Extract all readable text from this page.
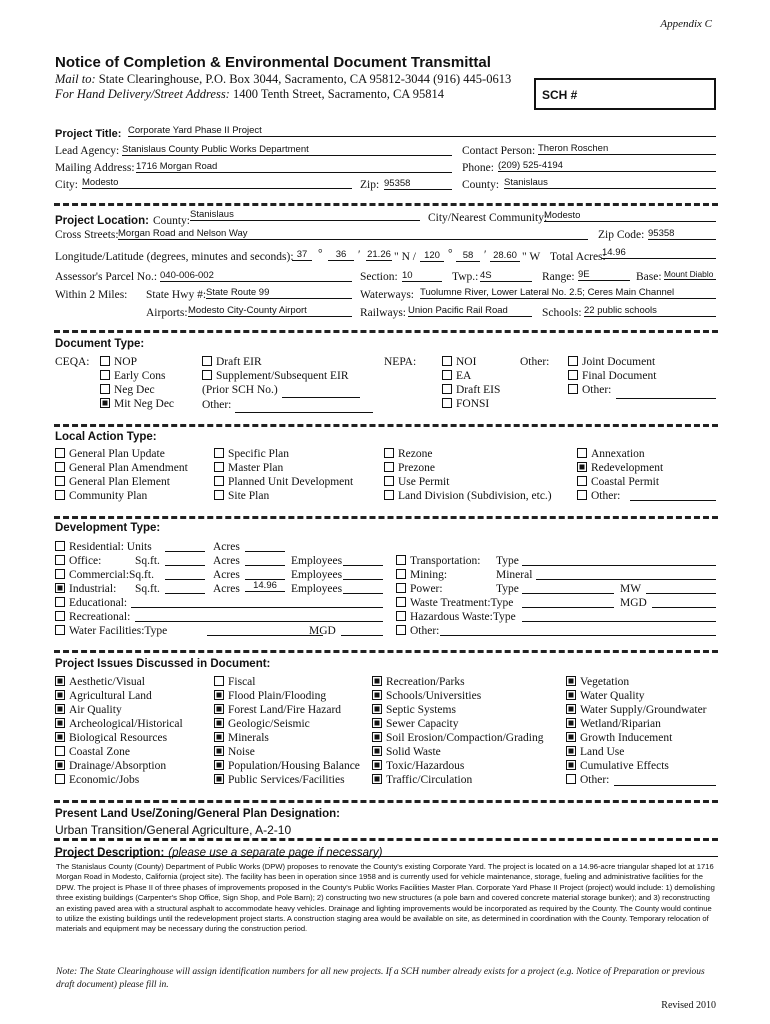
Appendix C
Notice of Completion & Environmental Document Transmittal
Mail to: State Clearinghouse, P.O. Box 3044, Sacramento, CA 95812-3044 (916) 445-0613
For Hand Delivery/Street Address: 1400 Tenth Street, Sacramento, CA 95814	SCH #
Project Title: Corporate Yard Phase II Project
Lead Agency: Stanislaus County Public Works Department	Contact Person: Theron Roschen
Mailing Address: 1716 Morgan Road	Phone: (209) 525-4194
City: Modesto	Zip: 95358	County: Stanislaus
Project Location: County:
Stanislaus	City/Nearest Community:
Modesto
Cross Streets: Morgan Road and Nelson Way	Zip Code: 95358
Longitude/Latitude (degrees, minutes and seconds): 37 °	36	′ 21.26 " N / 120 °	58 ′ 28.60 " W Total Acres:
14.96
Assessor's Parcel No.: 040-006-002	Section: 10	Twp.: 4S	Range: 9E	Base: Mount Diablo
Within 2 Miles: State Hwy #: State Route 99	Waterways: Tuolumne River, Lower Lateral No. 2.5; Ceres Main Channel
Airports: Modesto City-County Airport	Railways: Union Pacific Rail Road	Schools: 22 public schools
Document Type:
CEQA:	NOP
Early Cons
Neg Dec
Mit Neg Dec
Draft EIR
Supplement/Subsequent EIR
(Prior SCH No.)
Other:
NEPA:	NOI
EA
Draft EIS
FONSI
Other:	Joint Document
Final Document
Other:
Local Action Type:
General Plan Update
General Plan Amendment
General Plan Element
Community Plan
Specific Plan
Master Plan
Planned Unit Development
Site Plan
Rezone
Prezone
Use Permit
Land Division (Subdivision, etc.)
Annexation
Redevelopment
Coastal Permit
Other:
Development Type:
Residential: Units	Acres
Office:	Sq.ft.	Acres	Employees
Commercial:Sq.ft.	Acres	Employees
Industrial: Sq.ft.	Acres	14.96	Employees
Educational:
Recreational:
Water Facilities:Type	MGD
Transportation: Type
Mining:	Mineral
Power:	Type	MW
Waste Treatment:Type	MGD
Hazardous Waste:Type
Other:
Project Issues Discussed in Document:
Aesthetic/Visual
Agricultural Land
Air Quality
Archeological/Historical
Biological Resources
Coastal Zone
Drainage/Absorption
Economic/Jobs
Fiscal
Flood Plain/Flooding
Forest Land/Fire Hazard
Geologic/Seismic
Minerals
Noise
Population/Housing Balance
Public Services/Facilities
Recreation/Parks
Schools/Universities
Septic Systems
Sewer Capacity
Soil Erosion/Compaction/Grading
Solid Waste
Toxic/Hazardous
Traffic/Circulation
Vegetation
Water Quality
Water Supply/Groundwater
Wetland/Riparian
Growth Inducement
Land Use
Cumulative Effects
Other:
Present Land Use/Zoning/General Plan Designation:
Urban Transition/General Agriculture, A-2-10
Project Description: (please use a separate page if necessary)
The Stanislaus County (County) Department of Public Works (DPW) proposes to renovate the County's existing Corporate Yard. The project is located on a 14.96-acre triangular shaped lot at 1716 Morgan Road in Modesto, California (project site). The facility has been in operation since 1958 and is currently used for vehicle maintenance, storage, fueling and administrative facilities for the DPW. The project is Phase II of three phases of improvements proposed in the County's Public Works Facilities Master Plan. Corporate Yard Phase II Project (project) would include: 1) demolishing three existing buildings (Carpenter's Shop Office, Sign Shop, and Pole Barn); 2) constructing two new structures (a pole barn and covered concrete material storage bunker); and 3) reconstructing an existing paved area with a structural asphalt to accommodate heavy vehicles. Drainage and lighting improvements would be incorporated as required by the County. The County would continue to utilize the existing buildings until the redevelopment project starts. A construction staging area would be available on site, as determined in coordination with the County. Temporary relocation of materials and equipment may be necessary during the construction period.
Note: The State Clearinghouse will assign identification numbers for all new projects. If a SCH number already exists for a project (e.g. Notice of Preparation or previous draft document) please fill in.
Revised 2010
